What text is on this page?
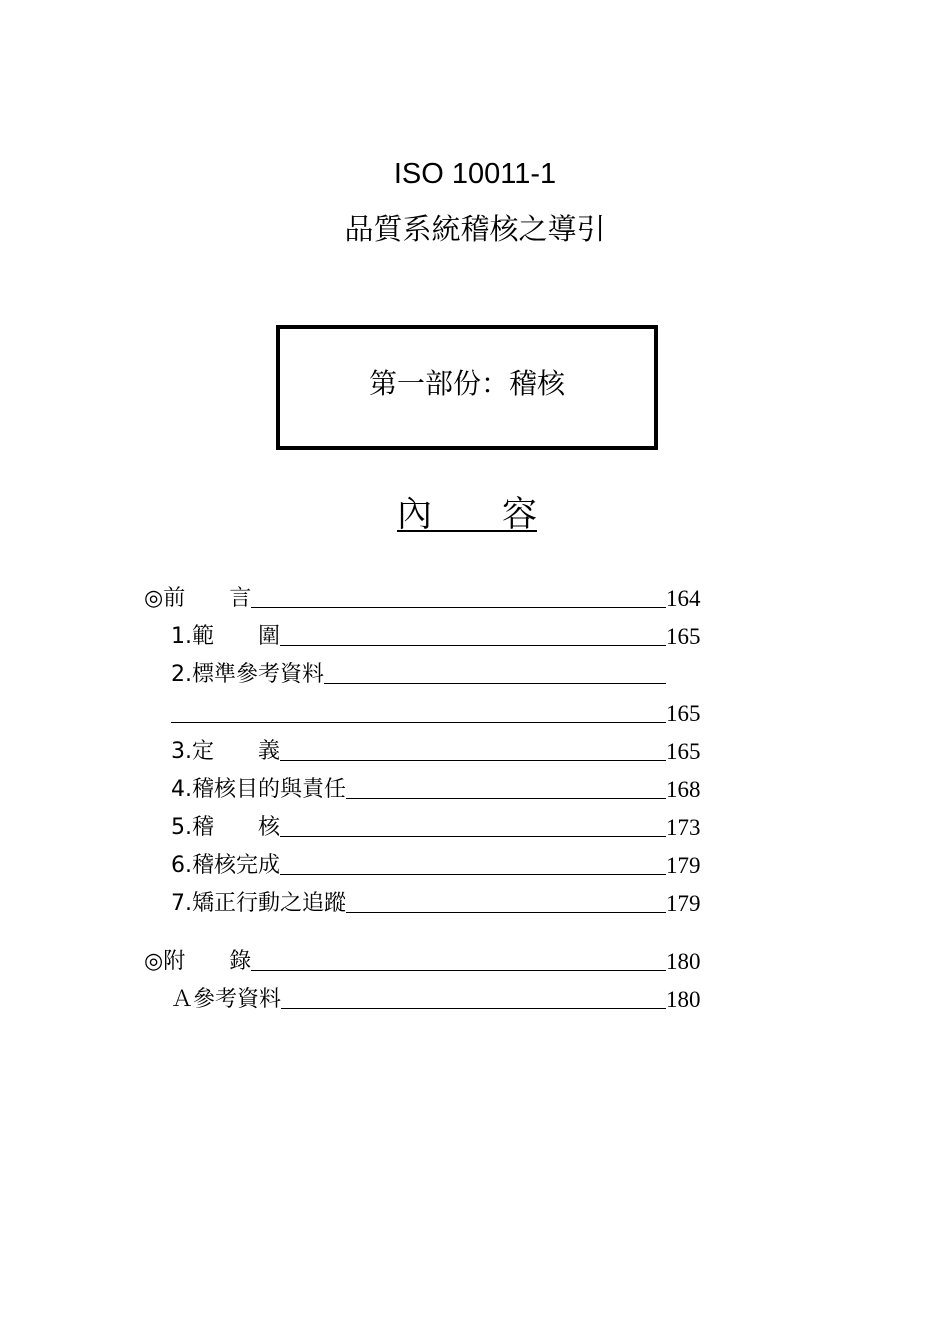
ISO 10011-1
品質系統稽核之導引
第一部份：稽核
內　　容
◎前　　言	164
1.範　　圍	165
2.標準參考資料
165
3.定　　義	165
4.稽核目的與責任	168
5.稽　　核	173
6.稽核完成	179
7.矯正行動之追蹤	179
◎附　　錄	180
Ａ參考資料	180
